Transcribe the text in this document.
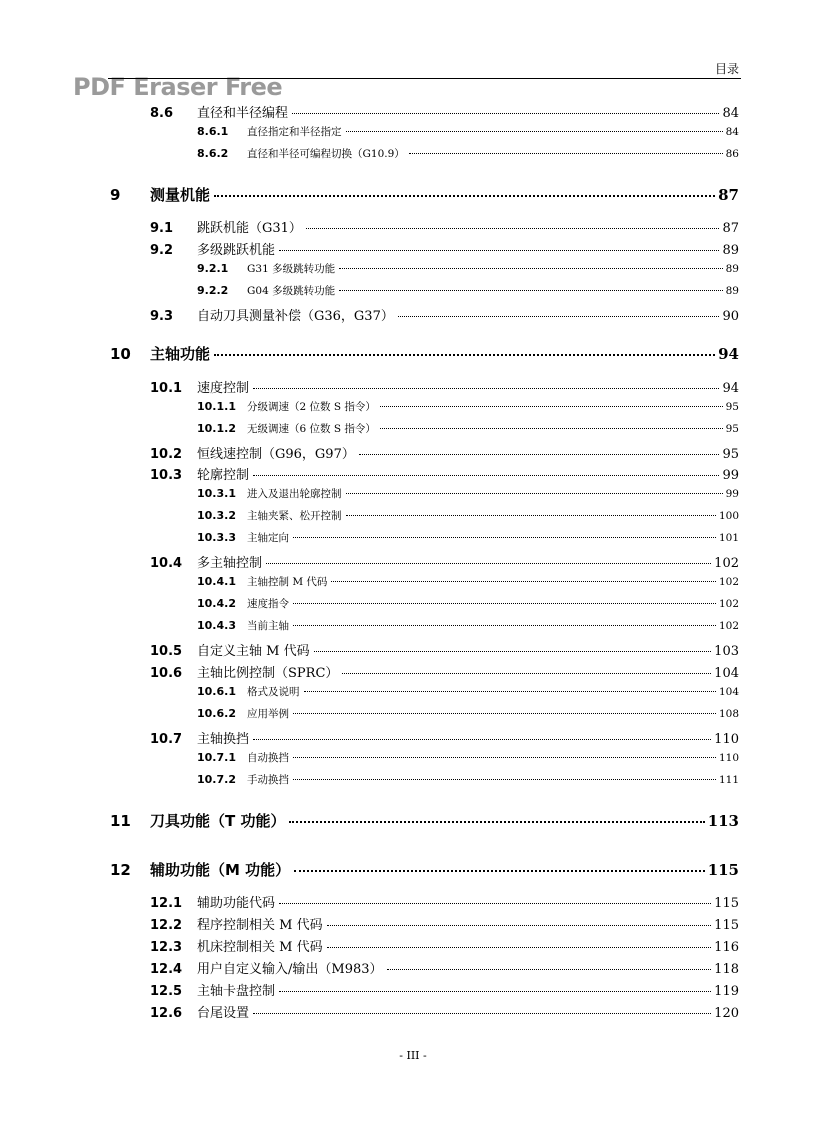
PDF Eraser Free
目录
8.6	直径和半径编程	84
8.6.1	直径指定和半径指定	84
8.6.2	直径和半径可编程切换（G10.9）	86
9	测量机能	87
9.1	跳跃机能（G31）	87
9.2	多级跳跃机能	89
9.2.1	G31 多级跳转功能	89
9.2.2	G04 多级跳转功能	89
9.3	自动刀具测量补偿（G36，G37）	90
10	主轴功能	94
10.1	速度控制	94
10.1.1	分级调速（2 位数 S 指令）	95
10.1.2	无级调速（6 位数 S 指令）	95
10.2	恒线速控制（G96，G97）	95
10.3	轮廓控制	99
10.3.1	进入及退出轮廓控制	99
10.3.2	主轴夹紧、松开控制	100
10.3.3	主轴定向	101
10.4	多主轴控制	102
10.4.1	主轴控制 M 代码	102
10.4.2	速度指令	102
10.4.3	当前主轴	102
10.5	自定义主轴 M 代码	103
10.6	主轴比例控制（SPRC）	104
10.6.1	格式及说明	104
10.6.2	应用举例	108
10.7	主轴换挡	110
10.7.1	自动换挡	110
10.7.2	手动换挡	111
11	刀具功能（T 功能）	113
12	辅助功能（M 功能）	115
12.1	辅助功能代码	115
12.2	程序控制相关 M 代码	115
12.3	机床控制相关 M 代码	116
12.4	用户自定义输入/输出（M983）	118
12.5	主轴卡盘控制	119
12.6	台尾设置	120
- III -
